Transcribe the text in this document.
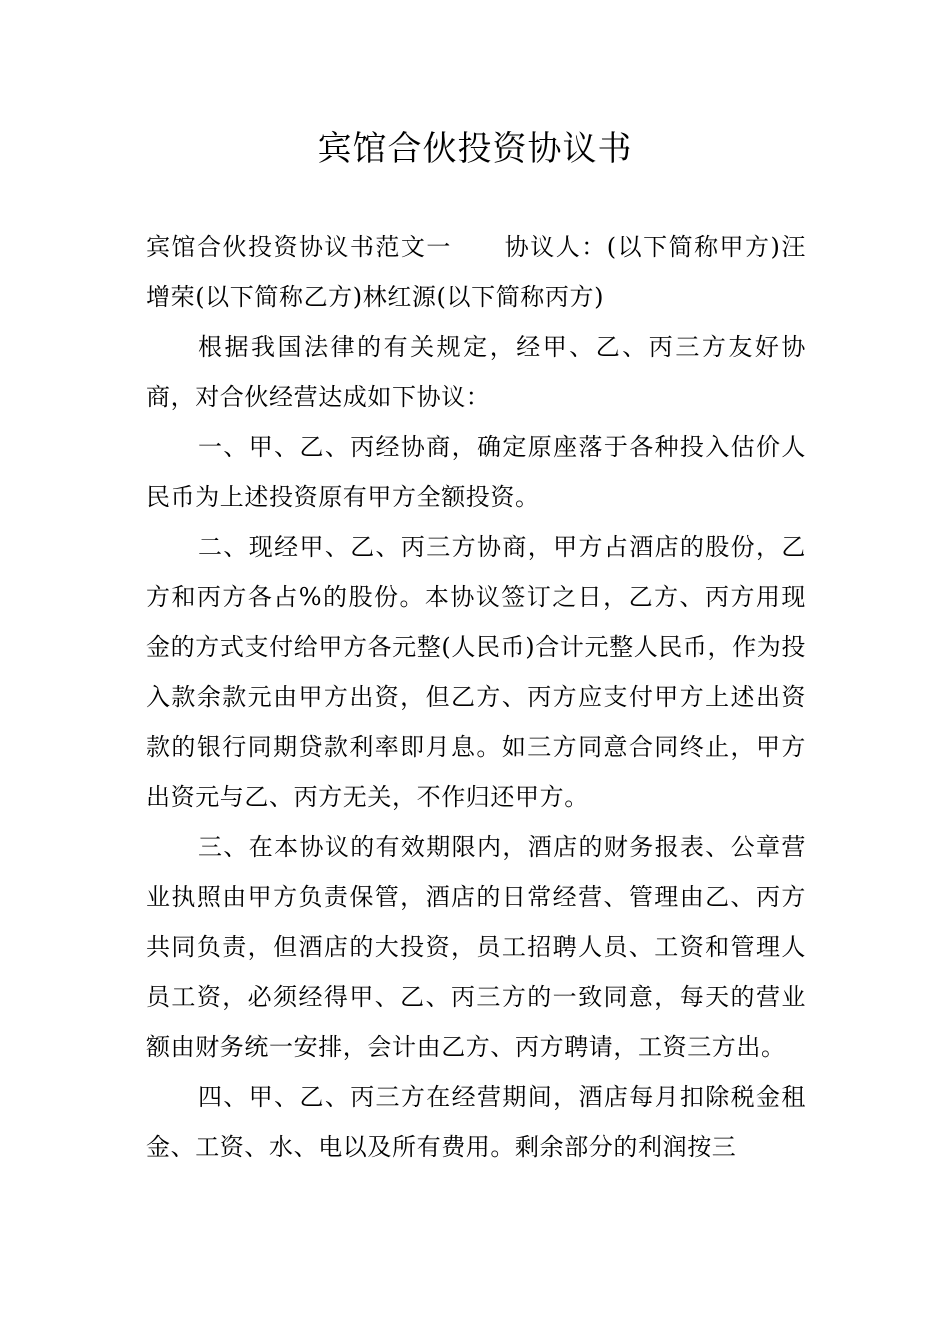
宾馆合伙投资协议书

宾馆合伙投资协议书范文一 协议人：(以下简称甲方)汪增荣(以下简称乙方)林红源(以下简称丙方)

根据我国法律的有关规定，经甲、乙、丙三方友好协商，对合伙经营达成如下协议：

一、甲、乙、丙经协商，确定原座落于各种投入估价人民币为上述投资原有甲方全额投资。

二、现经甲、乙、丙三方协商，甲方占酒店的股份，乙方和丙方各占%的股份。本协议签订之日，乙方、丙方用现金的方式支付给甲方各元整(人民币)合计元整人民币，作为投入款余款元由甲方出资，但乙方、丙方应支付甲方上述出资款的银行同期贷款利率即月息。如三方同意合同终止，甲方出资元与乙、丙方无关，不作归还甲方。

三、在本协议的有效期限内，酒店的财务报表、公章营业执照由甲方负责保管，酒店的日常经营、管理由乙、丙方共同负责，但酒店的大投资，员工招聘人员、工资和管理人员工资，必须经得甲、乙、丙三方的一致同意，每天的营业额由财务统一安排，会计由乙方、丙方聘请，工资三方出。

四、甲、乙、丙三方在经营期间，酒店每月扣除税金租金、工资、水、电以及所有费用。剩余部分的利润按三
